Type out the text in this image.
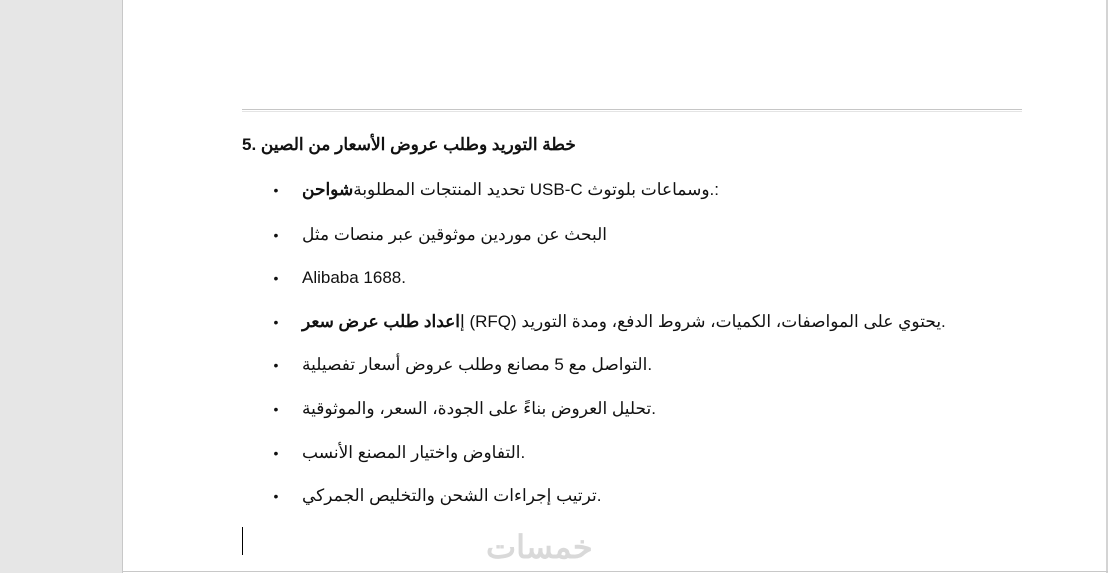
5. خطة التوريد وطلب عروض الأسعار من الصين
•	:.وسماعات بلوتوث USB-C تحديد المنتجات المطلوبةشواحن
• البحث عن موردين موثوقين عبر منصات مثل
• Alibaba 1688.
•	.يحتوي على المواصفات، الكميات، شروط الدفع، ومدة التوريد (RFQ) إاعداد طلب عرض سعر
• .التواصل مع 5 مصانع وطلب عروض أسعار تفصيلية
• .تحليل العروض بناءً على الجودة، السعر، والموثوقية
• .التفاوض واختيار المصنع الأنسب
• .ترتيب إجراءات الشحن والتخليص الجمركي
خمسات
